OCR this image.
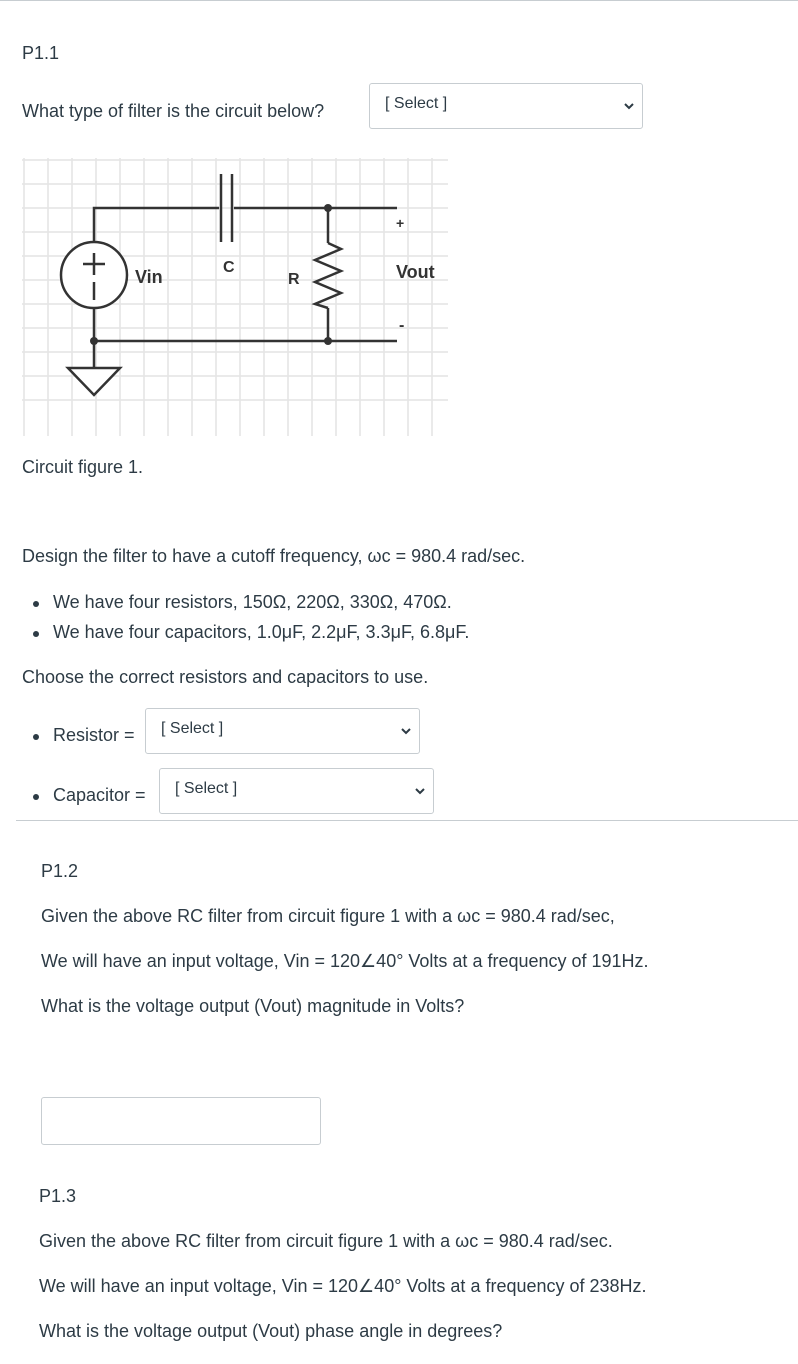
P1.1
What type of filter is the circuit below?	[ Select ]
Vin	C
R	Vout
+
-
Circuit figure 1.
Design the filter to have a cutoff frequency, ωc = 980.4 rad/sec.
We have four resistors, 150Ω, 220Ω, 330Ω, 470Ω.
We have four capacitors, 1.0μF, 2.2μF, 3.3μF, 6.8μF.
Choose the correct resistors and capacitors to use.
Resistor = [ Select ]
Capacitor = [ Select ]
P1.2
Given the above RC filter from circuit figure 1 with a ωc = 980.4 rad/sec,
We will have an input voltage, Vin = 120∠40° Volts at a frequency of 191Hz.
What is the voltage output (Vout) magnitude in Volts?
P1.3
Given the above RC filter from circuit figure 1 with a ωc = 980.4 rad/sec.
We will have an input voltage, Vin = 120∠40° Volts at a frequency of 238Hz.
What is the voltage output (Vout) phase angle in degrees?
